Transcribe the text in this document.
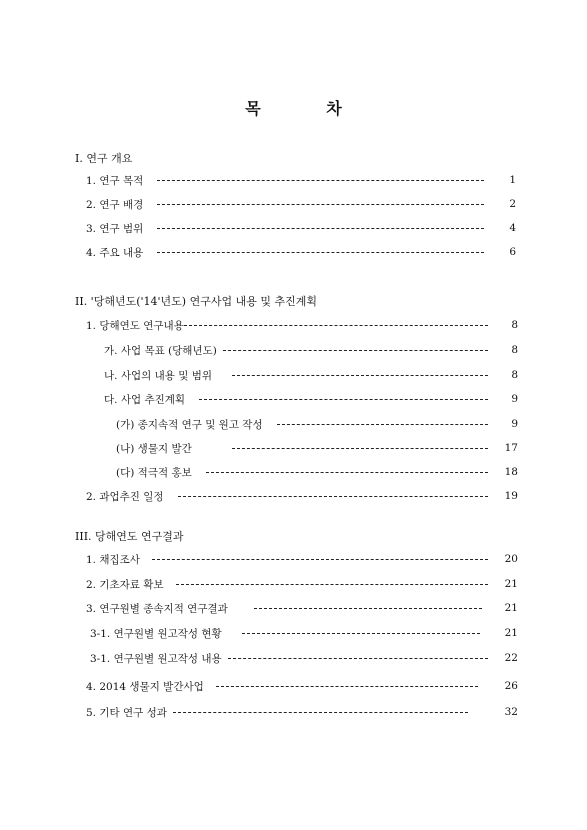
목 차
I. 연구 개요
1. 연구 목적	1
2. 연구 배경	2
3. 연구 범위	4
4. 주요 내용	6
II. '당해년도('14'년도) 연구사업 내용 및 추진계획
1. 당해연도 연구내용	8
가. 사업 목표 (당해년도)	8
나. 사업의 내용 및 범위	8
다. 사업 추진계획	9
(가) 종지속적 연구 및 원고 작성	9
(나) 생물지 발간	17
(다) 적극적 홍보	18
2. 과업추진 일정	19
III. 당해연도 연구결과
1. 채집조사	20
2. 기초자료 확보	21
3. 연구원별 종속지적 연구결과	21
3-1. 연구원별 원고작성 현황	21
3-1. 연구원별 원고작성 내용	22
4. 2014 생물지 발간사업	26
5. 기타 연구 성과	32
